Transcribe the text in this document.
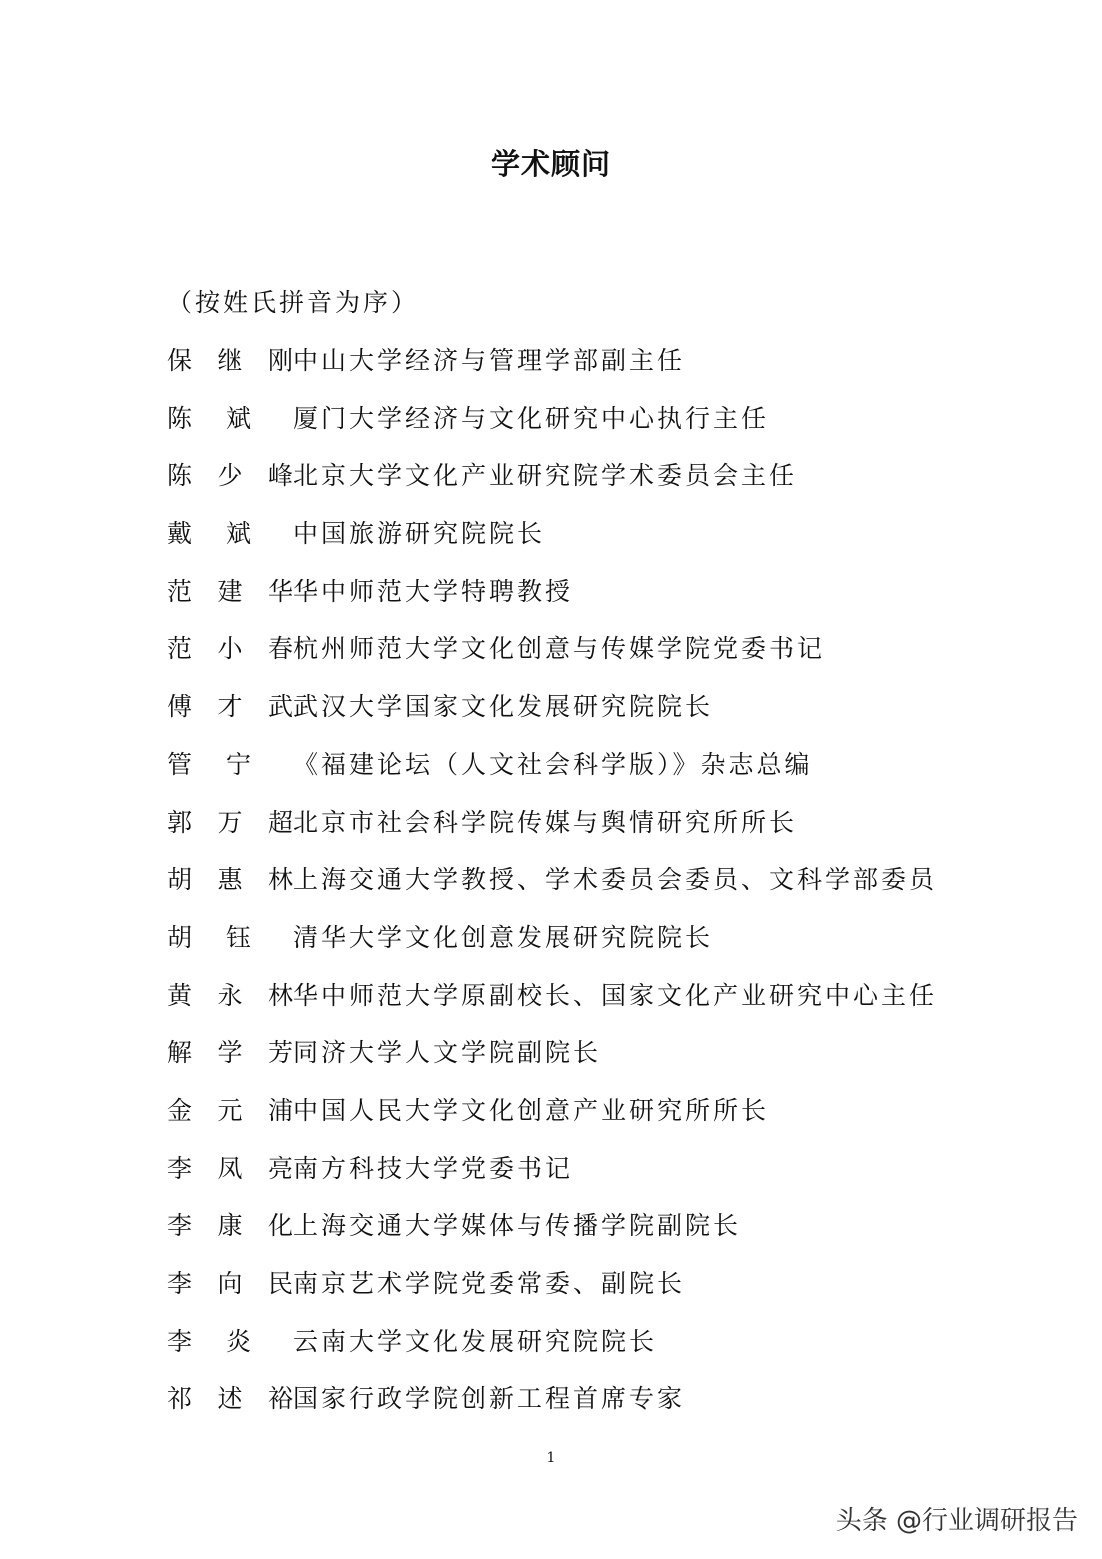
学术顾问
（按姓氏拼音为序）
保继刚 中山大学经济与管理学部副主任
陈 斌 厦门大学经济与文化研究中心执行主任
陈少峰 北京大学文化产业研究院学术委员会主任
戴 斌 中国旅游研究院院长
范建华 华中师范大学特聘教授
范小春 杭州师范大学文化创意与传媒学院党委书记
傅才武 武汉大学国家文化发展研究院院长
管 宁 《福建论坛（人文社会科学版）》杂志总编
郭万超 北京市社会科学院传媒与舆情研究所所长
胡惠林 上海交通大学教授、学术委员会委员、文科学部委员
胡 钰 清华大学文化创意发展研究院院长
黄永林 华中师范大学原副校长、国家文化产业研究中心主任
解学芳 同济大学人文学院副院长
金元浦 中国人民大学文化创意产业研究所所长
李凤亮 南方科技大学党委书记
李康化 上海交通大学媒体与传播学院副院长
李向民 南京艺术学院党委常委、副院长
李 炎 云南大学文化发展研究院院长
祁述裕 国家行政学院创新工程首席专家
1
头条 @行业调研报告
